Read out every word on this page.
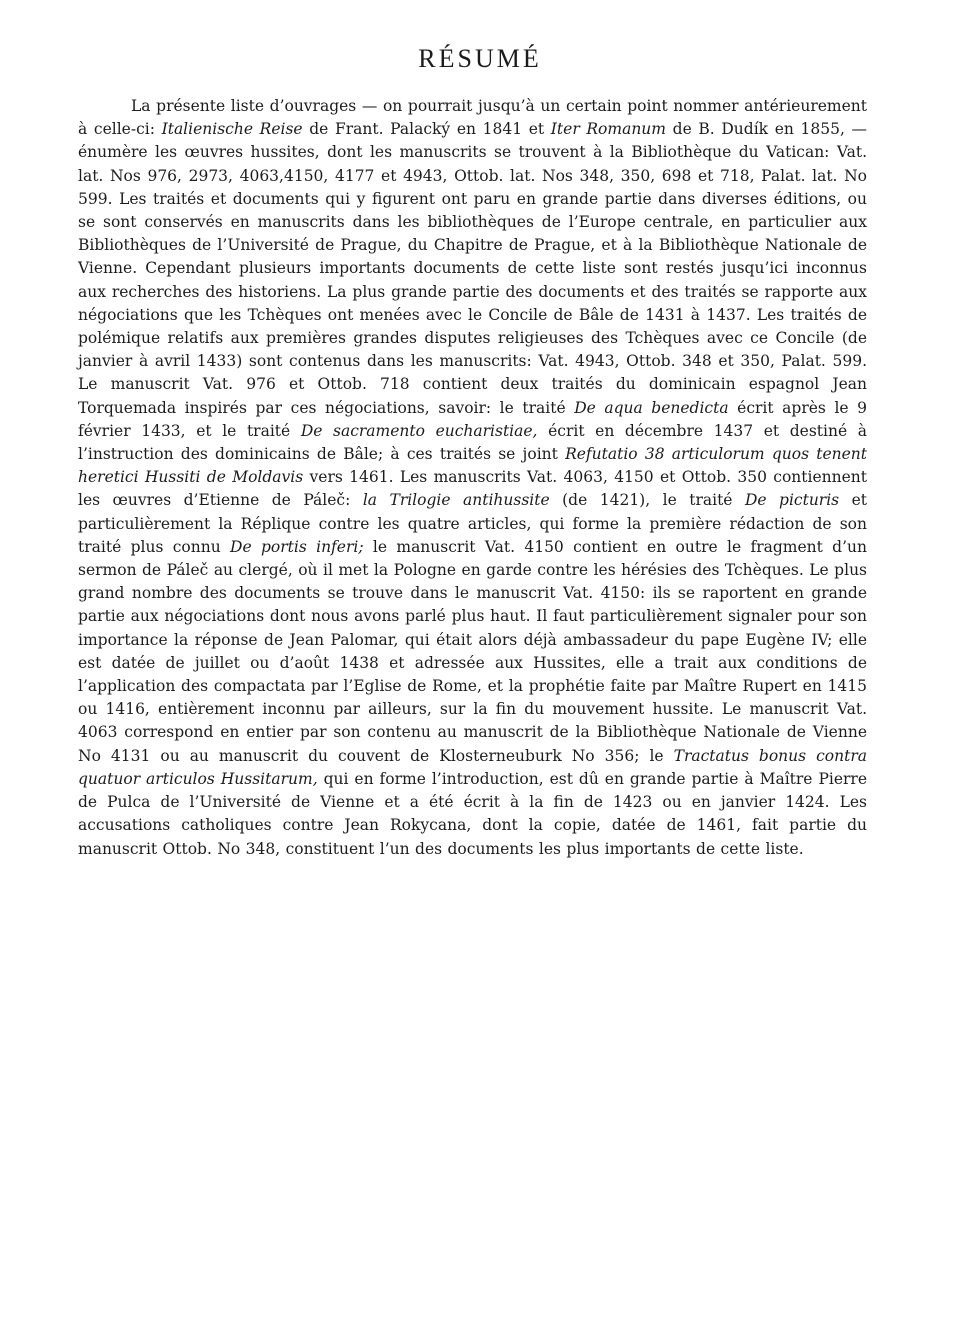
RÉSUMÉ

La présente liste d’ouvrages — on pourrait jusqu’à un certain point nommer antérieurement à celle-ci: Italienische Reise de Frant. Palacký en 1841 et Iter Romanum de B. Dudík en 1855, — énumère les œuvres hussites, dont les manuscrits se trouvent à la Bibliothèque du Vatican: Vat. lat. Nos 976, 2973, 4063,4150, 4177 et 4943, Ottob. lat. Nos 348, 350, 698 et 718, Palat. lat. No 599. Les traités et documents qui y figurent ont paru en grande partie dans diverses éditions, ou se sont conservés en manuscrits dans les bibliothèques de l’Europe centrale, en particulier aux Bibliothèques de l’Université de Prague, du Chapitre de Prague, et à la Bibliothèque Nationale de Vienne. Cependant plusieurs importants documents de cette liste sont restés jusqu’ici inconnus aux recherches des historiens. La plus grande partie des documents et des traités se rapporte aux négociations que les Tchèques ont menées avec le Concile de Bâle de 1431 à 1437. Les traités de polémique relatifs aux premières grandes disputes religieuses des Tchèques avec ce Concile (de janvier à avril 1433) sont contenus dans les manuscrits: Vat. 4943, Ottob. 348 et 350, Palat. 599. Le manuscrit Vat. 976 et Ottob. 718 contient deux traités du dominicain espagnol Jean Torquemada inspirés par ces négociations, savoir: le traité De aqua benedicta écrit après le 9 février 1433, et le traité De sacramento eucharistiae, écrit en décembre 1437 et destiné à l’instruction des dominicains de Bâle; à ces traités se joint Refutatio 38 articulorum quos tenent heretici Hussiti de Moldavis vers 1461. Les manuscrits Vat. 4063, 4150 et Ottob. 350 contiennent les œuvres d’Etienne de Páleč: la Trilogie antihussite (de 1421), le traité De picturis et particulièrement la Réplique contre les quatre articles, qui forme la première rédaction de son traité plus connu De portis inferi; le manuscrit Vat. 4150 contient en outre le fragment d’un sermon de Páleč au clergé, où il met la Pologne en garde contre les hérésies des Tchèques. Le plus grand nombre des documents se trouve dans le manuscrit Vat. 4150: ils se raportent en grande partie aux négociations dont nous avons parlé plus haut. Il faut particulièrement signaler pour son importance la réponse de Jean Palomar, qui était alors déjà ambassadeur du pape Eugène IV; elle est datée de juillet ou d’août 1438 et adressée aux Hussites, elle a trait aux conditions de l’application des compactata par l’Eglise de Rome, et la prophétie faite par Maître Rupert en 1415 ou 1416, entièrement inconnu par ailleurs, sur la fin du mouvement hussite. Le manuscrit Vat. 4063 correspond en entier par son contenu au manuscrit de la Bibliothèque Nationale de Vienne No 4131 ou au manuscrit du couvent de Klosterneuburk No 356; le Tractatus bonus contra quatuor articulos Hussitarum, qui en forme l’introduction, est dû en grande partie à Maître Pierre de Pulca de l’Université de Vienne et a été écrit à la fin de 1423 ou en janvier 1424. Les accusations catholiques contre Jean Rokycana, dont la copie, datée de 1461, fait partie du manuscrit Ottob. No 348, constituent l’un des documents les plus importants de cette liste.
